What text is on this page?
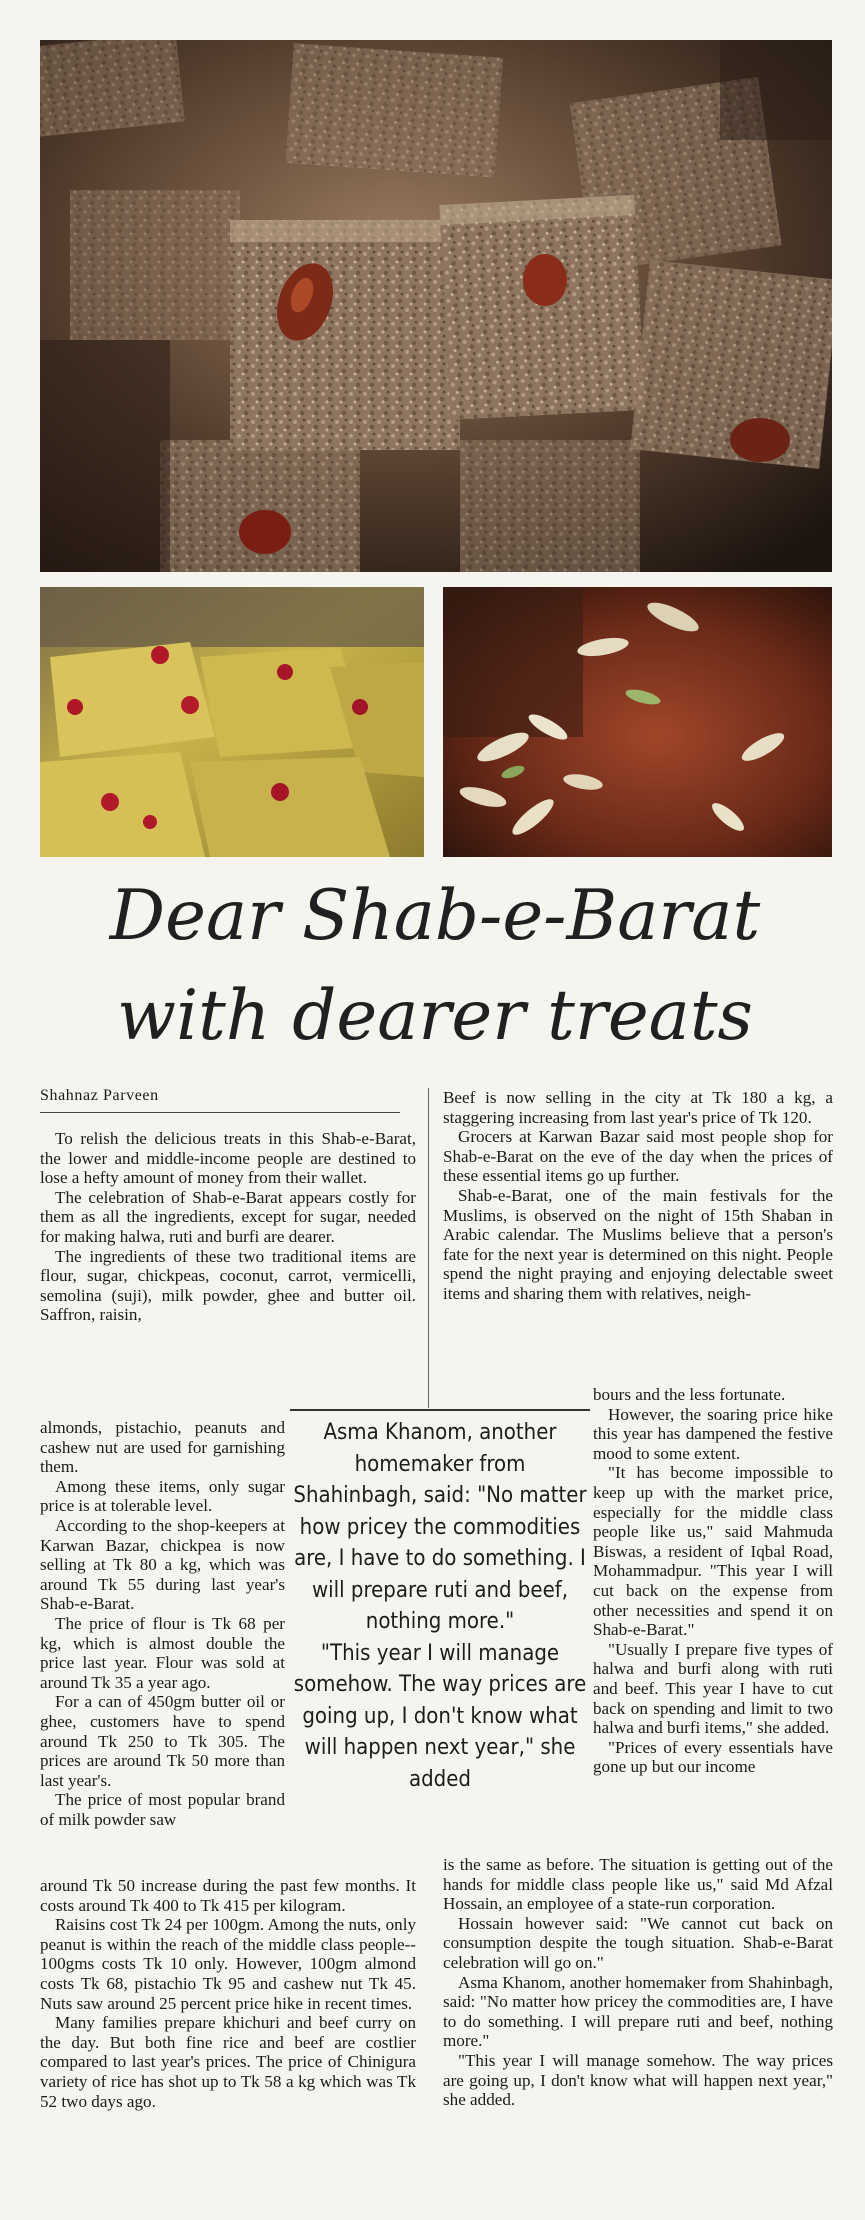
Dear Shab-e-Barat
with dearer treats
Shahnaz Parveen

To relish the delicious treats in this Shab-e-Barat, the lower and middle-income people are destined to lose a hefty amount of money from their wallet.

The celebration of Shab-e-Barat appears costly for them as all the ingredients, except for sugar, needed for making halwa, ruti and burfi are dearer.

The ingredients of these two traditional items are flour, sugar, chickpeas, coconut, carrot, vermicelli, semolina (suji), milk powder, ghee and butter oil. Saffron, raisin,

almonds, pistachio, peanuts and cashew nut are used for garnishing them.

Among these items, only sugar price is at tolerable level.

According to the shop-keepers at Karwan Bazar, chickpea is now selling at Tk 80 a kg, which was around Tk 55 during last year's Shab-e-Barat.

The price of flour is Tk 68 per kg, which is almost double the price last year. Flour was sold at around Tk 35 a year ago.

For a can of 450gm butter oil or ghee, customers have to spend around Tk 250 to Tk 305. The prices are around Tk 50 more than last year's.

The price of most popular brand of milk powder saw

around Tk 50 increase during the past few months. It costs around Tk 400 to Tk 415 per kilogram.

Raisins cost Tk 24 per 100gm. Among the nuts, only peanut is within the reach of the middle class people-- 100gms costs Tk 10 only. However, 100gm almond costs Tk 68, pistachio Tk 95 and cashew nut Tk 45. Nuts saw around 25 percent price hike in recent times.

Many families prepare khichuri and beef curry on the day. But both fine rice and beef are costlier compared to last year's prices. The price of Chinigura variety of rice has shot up to Tk 58 a kg which was Tk 52 two days ago.

Asma Khanom, another homemaker from Shahinbagh, said: "No matter how pricey the commodities are, I have to do something. I will prepare ruti and beef, nothing more."

"This year I will manage somehow. The way prices are going up, I don't know what will happen next year," she added

Beef is now selling in the city at Tk 180 a kg, a staggering increasing from last year's price of Tk 120.

Grocers at Karwan Bazar said most people shop for Shab-e-Barat on the eve of the day when the prices of these essential items go up further.

Shab-e-Barat, one of the main festivals for the Muslims, is observed on the night of 15th Shaban in Arabic calendar. The Muslims believe that a person's fate for the next year is determined on this night. People spend the night praying and enjoying delectable sweet items and sharing them with relatives, neigh-

bours and the less fortunate.

However, the soaring price hike this year has dampened the festive mood to some extent.

"It has become impossible to keep up with the market price, especially for the middle class people like us," said Mahmuda Biswas, a resident of Iqbal Road, Mohammadpur. "This year I will cut back on the expense from other necessities and spend it on Shab-e-Barat."

"Usually I prepare five types of halwa and burfi along with ruti and beef. This year I have to cut back on spending and limit to two halwa and burfi items," she added.

"Prices of every essentials have gone up but our income

is the same as before. The situation is getting out of the hands for middle class people like us," said Md Afzal Hossain, an employee of a state-run corporation.

Hossain however said: "We cannot cut back on consumption despite the tough situation. Shab-e-Barat celebration will go on."

Asma Khanom, another homemaker from Shahinbagh, said: "No matter how pricey the commodities are, I have to do something. I will prepare ruti and beef, nothing more."

"This year I will manage somehow. The way prices are going up, I don't know what will happen next year," she added.
